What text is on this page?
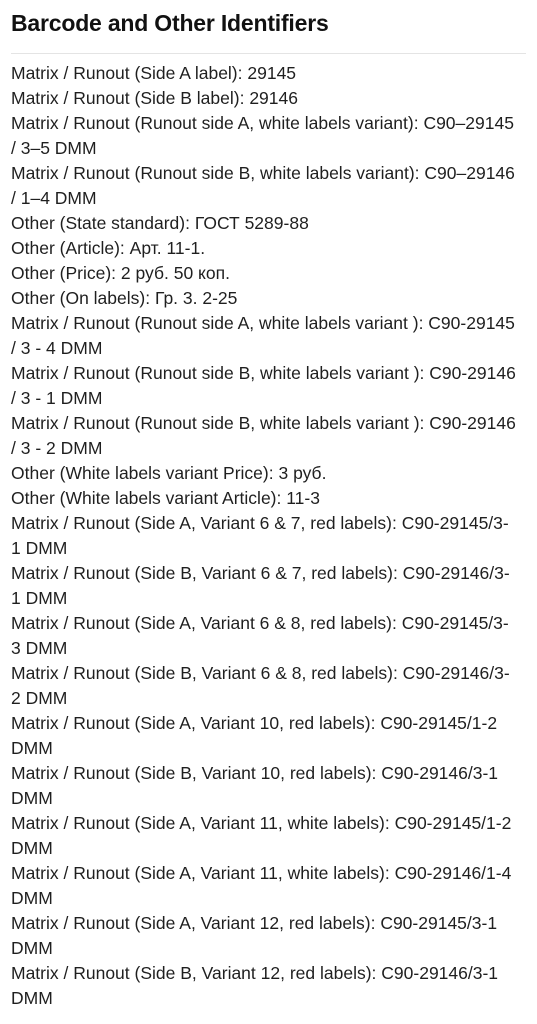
Barcode and Other Identifiers
Matrix / Runout (Side A label) : 29145
Matrix / Runout (Side B label) : 29146
Matrix / Runout (Runout side A, white labels variant) : C90–29145 / 3–5 DMM
Matrix / Runout (Runout side B, white labels variant) : C90–29146 / 1–4 DMM
Other (State standard) : ГОСТ 5289-88
Other (Article) : Арт. 11-1.
Other (Price) : 2 руб. 50 коп.
Other (On labels) : Гр. 3. 2-25
Matrix / Runout (Runout side A, white labels variant ) : C90-29145 / 3 - 4 DMM
Matrix / Runout (Runout side B, white labels variant ) : C90-29146 / 3 - 1 DMM
Matrix / Runout (Runout side B, white labels variant ) : C90-29146 / 3 - 2 DMM
Other (White labels variant Price) : 3 руб.
Other (White labels variant Article) : 11-3
Matrix / Runout (Side A, Variant 6 & 7, red labels) : C90-29145/3-1 DMM
Matrix / Runout (Side B, Variant 6 & 7, red labels) : C90-29146/3-1 DMM
Matrix / Runout (Side A, Variant 6 & 8, red labels) : C90-29145/3-3 DMM
Matrix / Runout (Side B, Variant 6 & 8, red labels) : C90-29146/3-2 DMM
Matrix / Runout (Side A, Variant 10, red labels) : C90-29145/1-2 DMM
Matrix / Runout (Side B, Variant 10, red labels) : C90-29146/3-1 DMM
Matrix / Runout (Side A, Variant 11, white labels) : C90-29145/1-2 DMM
Matrix / Runout (Side A, Variant 11, white labels) : C90-29146/1-4 DMM
Matrix / Runout (Side A, Variant 12, red labels) : C90-29145/3-1 DMM
Matrix / Runout (Side B, Variant 12, red labels) : C90-29146/3-1 DMM
